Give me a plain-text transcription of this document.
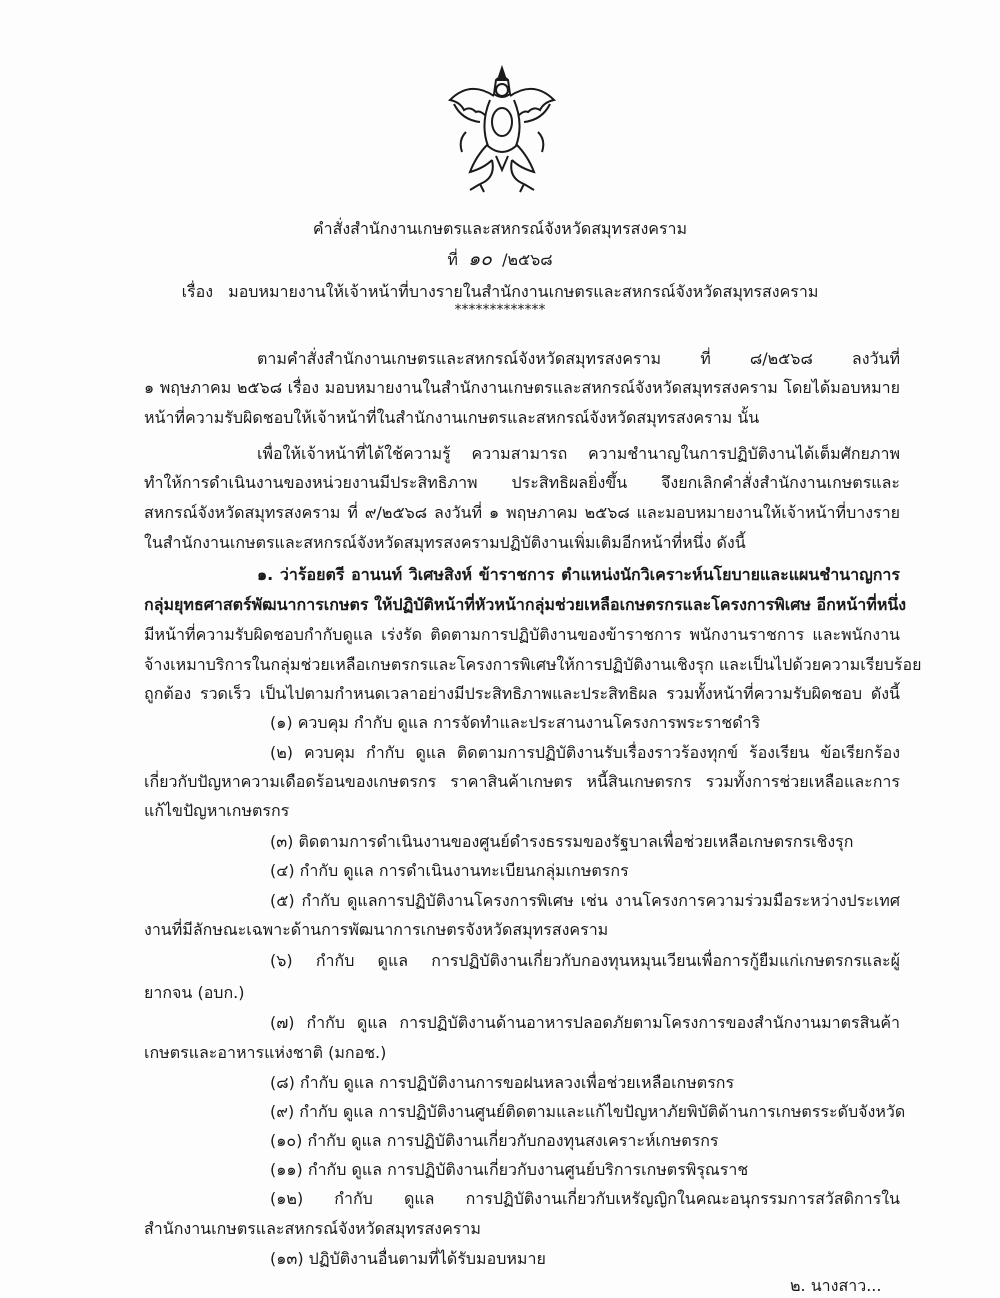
คำสั่งสำนักงานเกษตรและสหกรณ์จังหวัดสมุทรสงคราม
ที่ ๑๐ /๒๕๖๘
เรื่อง มอบหมายงานให้เจ้าหน้าที่บางรายในสำนักงานเกษตรและสหกรณ์จังหวัดสมุทรสงคราม
*************
ตามคำสั่งสำนักงานเกษตรและสหกรณ์จังหวัดสมุทรสงคราม ที่ ๘/๒๕๖๘ ลงวันที่
๑ พฤษภาคม ๒๕๖๘ เรื่อง มอบหมายงานในสำนักงานเกษตรและสหกรณ์จังหวัดสมุทรสงคราม โดยได้มอบหมาย
หน้าที่ความรับผิดชอบให้เจ้าหน้าที่ในสำนักงานเกษตรและสหกรณ์จังหวัดสมุทรสงคราม นั้น
เพื่อให้เจ้าหน้าที่ได้ใช้ความรู้ ความสามารถ ความชำนาญในการปฏิบัติงานได้เต็มศักยภาพ
ทำให้การดำเนินงานของหน่วยงานมีประสิทธิภาพ ประสิทธิผลยิ่งขึ้น จึงยกเลิกคำสั่งสำนักงานเกษตรและ
สหกรณ์จังหวัดสมุทรสงคราม ที่ ๙/๒๕๖๘ ลงวันที่ ๑ พฤษภาคม ๒๕๖๘ และมอบหมายงานให้เจ้าหน้าที่บางราย
ในสำนักงานเกษตรและสหกรณ์จังหวัดสมุทรสงครามปฏิบัติงานเพิ่มเติมอีกหน้าที่หนึ่ง ดังนี้
๑. ว่าร้อยตรี อานนท์ วิเศษสิงห์ ข้าราชการ ตำแหน่งนักวิเคราะห์นโยบายและแผนชำนาญการ
กลุ่มยุทธศาสตร์พัฒนาการเกษตร ให้ปฏิบัติหน้าที่หัวหน้ากลุ่มช่วยเหลือเกษตรกรและโครงการพิเศษ อีกหน้าที่หนึ่ง
มีหน้าที่ความรับผิดชอบกำกับดูแล เร่งรัด ติดตามการปฏิบัติงานของข้าราชการ พนักงานราชการ และพนักงาน
จ้างเหมาบริการในกลุ่มช่วยเหลือเกษตรกรและโครงการพิเศษให้การปฏิบัติงานเชิงรุก และเป็นไปด้วยความเรียบร้อย
ถูกต้อง รวดเร็ว เป็นไปตามกำหนดเวลาอย่างมีประสิทธิภาพและประสิทธิผล รวมทั้งหน้าที่ความรับผิดชอบ ดังนี้
(๑) ควบคุม กำกับ ดูแล การจัดทำและประสานงานโครงการพระราชดำริ
(๒) ควบคุม กำกับ ดูแล ติดตามการปฏิบัติงานรับเรื่องราวร้องทุกข์ ร้องเรียน ข้อเรียกร้อง
เกี่ยวกับปัญหาความเดือดร้อนของเกษตรกร ราคาสินค้าเกษตร หนี้สินเกษตรกร รวมทั้งการช่วยเหลือและการ
แก้ไขปัญหาเกษตรกร
(๓) ติดตามการดำเนินงานของศูนย์ดำรงธรรมของรัฐบาลเพื่อช่วยเหลือเกษตรกรเชิงรุก
(๔) กำกับ ดูแล การดำเนินงานทะเบียนกลุ่มเกษตรกร
(๕) กำกับ ดูแลการปฏิบัติงานโครงการพิเศษ เช่น งานโครงการความร่วมมือระหว่างประเทศ
งานที่มีลักษณะเฉพาะด้านการพัฒนาการเกษตรจังหวัดสมุทรสงคราม
(๖) กำกับ ดูแล การปฏิบัติงานเกี่ยวกับกองทุนหมุนเวียนเพื่อการกู้ยืมแก่เกษตรกรและผู้
ยากจน (อบก.)
(๗) กำกับ ดูแล การปฏิบัติงานด้านอาหารปลอดภัยตามโครงการของสำนักงานมาตรสินค้า
เกษตรและอาหารแห่งชาติ (มกอช.)
(๘) กำกับ ดูแล การปฏิบัติงานการขอฝนหลวงเพื่อช่วยเหลือเกษตรกร
(๙) กำกับ ดูแล การปฏิบัติงานศูนย์ติดตามและแก้ไขปัญหาภัยพิบัติด้านการเกษตรระดับจังหวัด
(๑๐) กำกับ ดูแล การปฏิบัติงานเกี่ยวกับกองทุนสงเคราะห์เกษตรกร
(๑๑) กำกับ ดูแล การปฏิบัติงานเกี่ยวกับงานศูนย์บริการเกษตรพิรุณราช
(๑๒) กำกับ ดูแล การปฏิบัติงานเกี่ยวกับเหรัญญิกในคณะอนุกรรมการสวัสดิการใน
สำนักงานเกษตรและสหกรณ์จังหวัดสมุทรสงคราม
(๑๓) ปฏิบัติงานอื่นตามที่ได้รับมอบหมาย
๒. นางสาว...
